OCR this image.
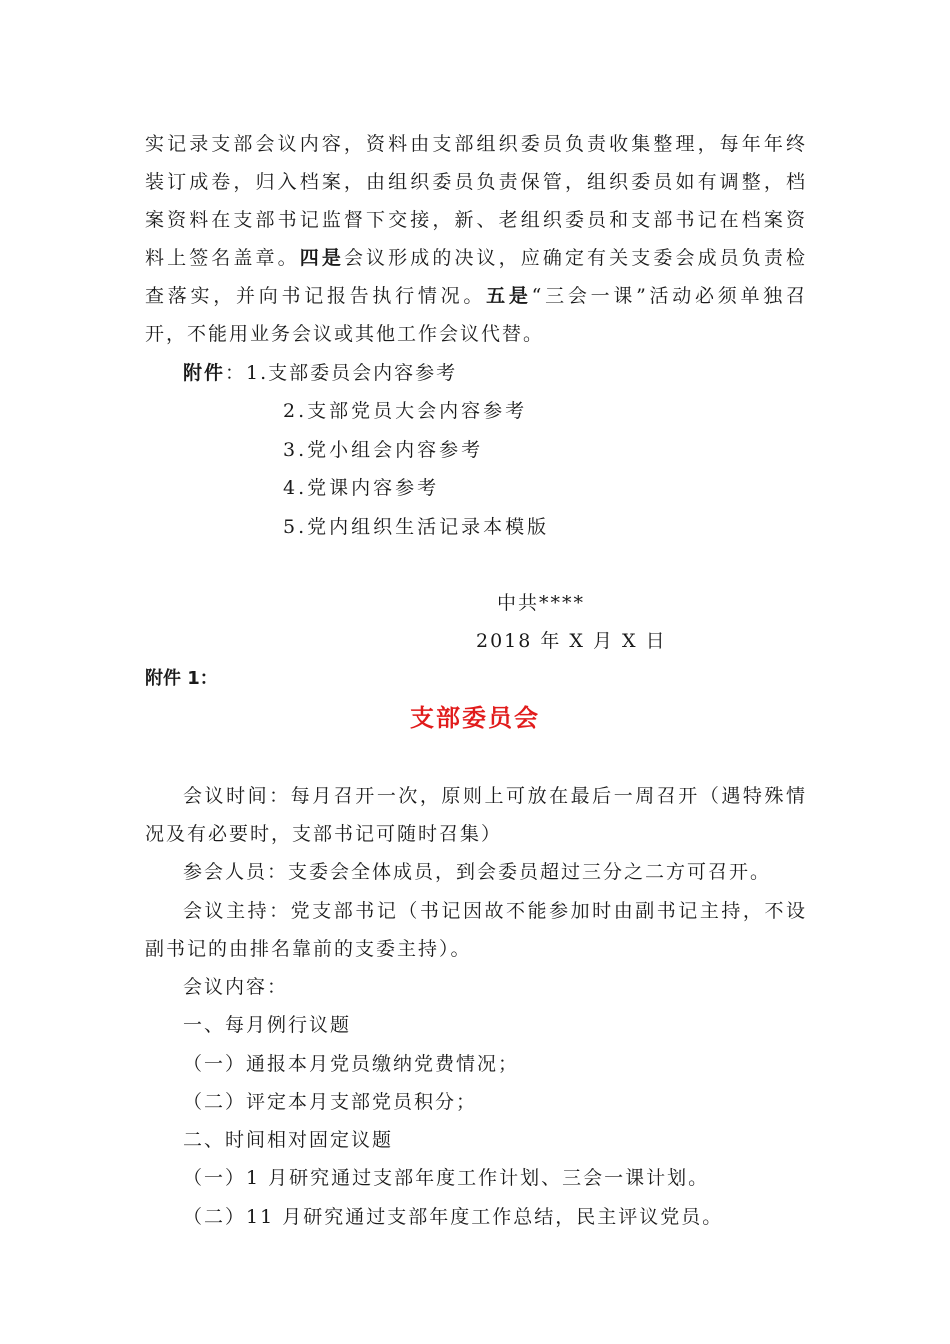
实记录支部会议内容，资料由支部组织委员负责收集整理，每年年终
装订成卷，归入档案，由组织委员负责保管，组织委员如有调整，档
案资料在支部书记监督下交接，新、老组织委员和支部书记在档案资
料上签名盖章。四是会议形成的决议，应确定有关支委会成员负责检
查落实，并向书记报告执行情况。五是“三会一课”活动必须单独召
开，不能用业务会议或其他工作会议代替。
附件：1.支部委员会内容参考
2.支部党员大会内容参考
3.党小组会内容参考
4.党课内容参考
5.党内组织生活记录本模版
中共****
2018 年 X 月 X 日
附件 1：
支部委员会
会议时间：每月召开一次，原则上可放在最后一周召开（遇特殊情
况及有必要时，支部书记可随时召集）
参会人员：支委会全体成员，到会委员超过三分之二方可召开。
会议主持：党支部书记（书记因故不能参加时由副书记主持，不设
副书记的由排名靠前的支委主持）。
会议内容：
一、每月例行议题
（一）通报本月党员缴纳党费情况；
（二）评定本月支部党员积分；
二、时间相对固定议题
（一）1 月研究通过支部年度工作计划、三会一课计划。
（二）11 月研究通过支部年度工作总结，民主评议党员。
